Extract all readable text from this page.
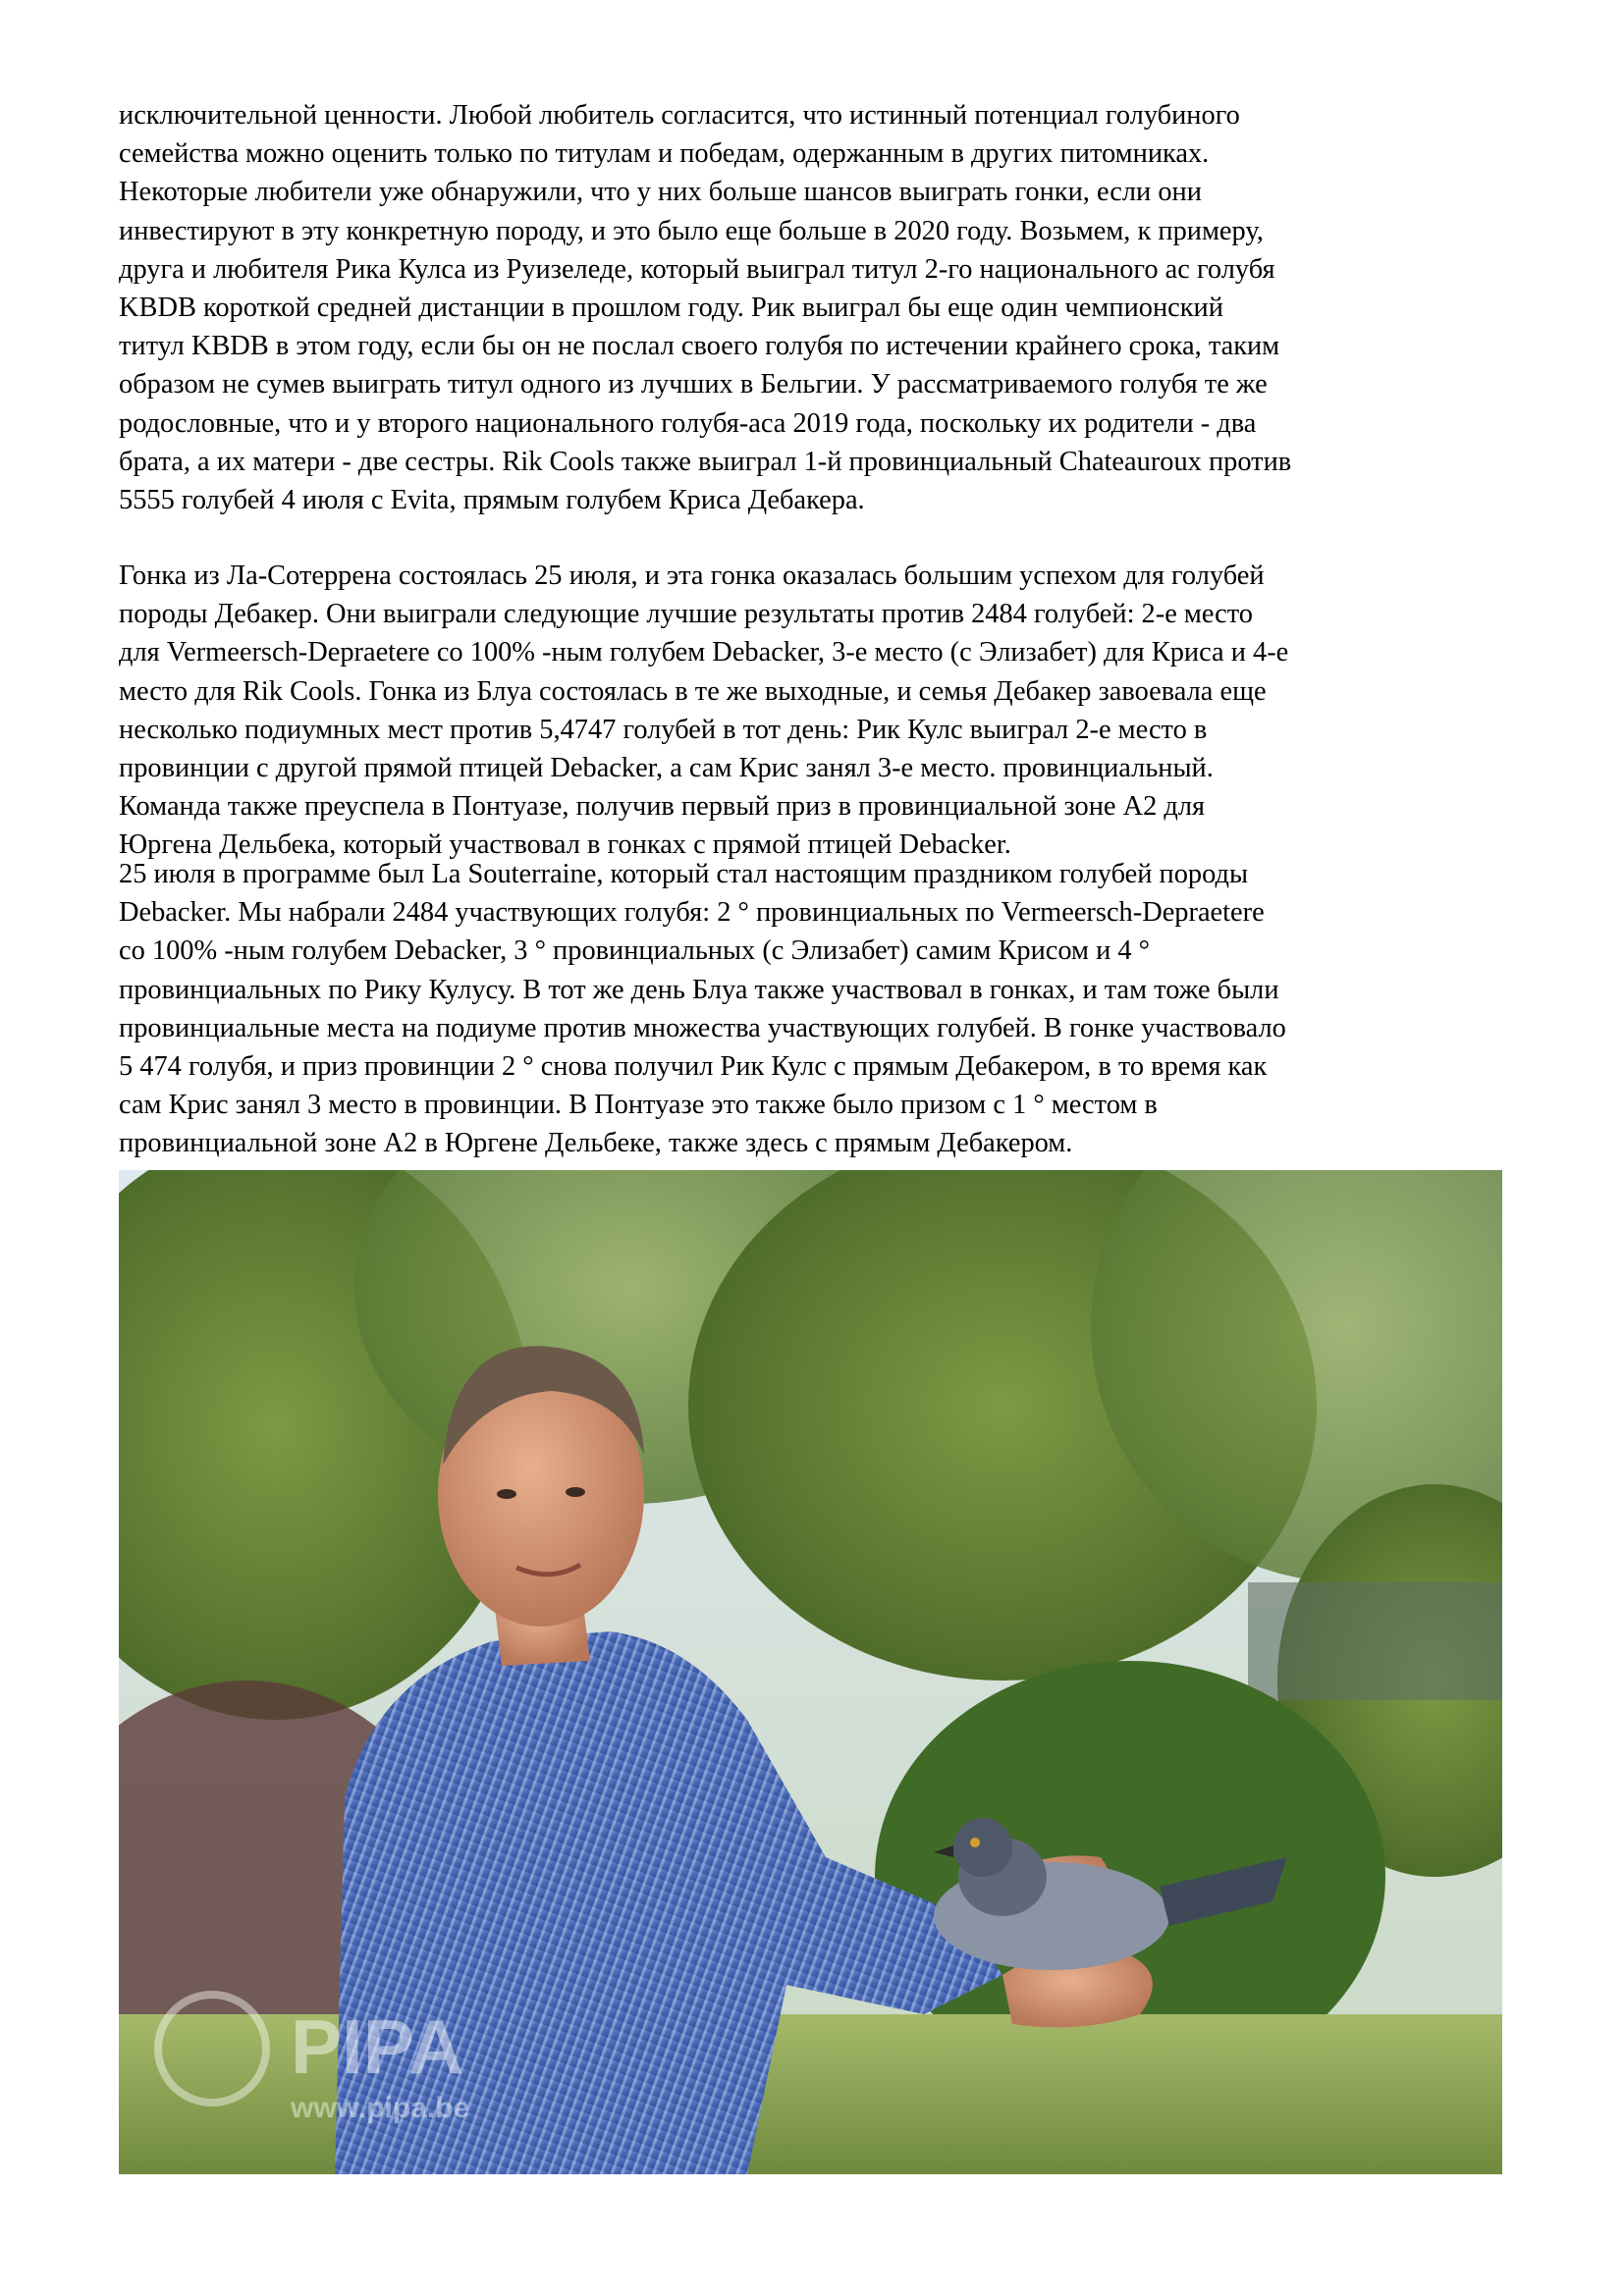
исключительной ценности. Любой любитель согласится, что истинный потенциал голубиного
семейства можно оценить только по титулам и победам, одержанным в других питомниках.
Некоторые любители уже обнаружили, что у них больше шансов выиграть гонки, если они
инвестируют в эту конкретную породу, и это было еще больше в 2020 году. Возьмем, к примеру,
друга и любителя Рика Кулса из Руизеледе, который выиграл титул 2-го национального ас голубя
KBDB короткой средней дистанции в прошлом году. Рик выиграл бы еще один чемпионский
титул KBDB в этом году, если бы он не послал своего голубя по истечении крайнего срока, таким
образом не сумев выиграть титул одного из лучших в Бельгии. У рассматриваемого голубя те же
родословные, что и у второго национального голубя-аса 2019 года, поскольку их родители - два
брата, а их матери - две сестры. Rik Cools также выиграл 1-й провинциальный Chateauroux против
5555 голубей 4 июля с Evita, прямым голубем Криса Дебакера.

Гонка из Ла-Сотеррена состоялась 25 июля, и эта гонка оказалась большим успехом для голубей
породы Дебакер. Они выиграли следующие лучшие результаты против 2484 голубей: 2-е место
для Vermeersch-Depraetere со 100% -ным голубем Debacker, 3-е место (с Элизабет) для Криса и 4-е
место для Rik Cools. Гонка из Блуа состоялась в те же выходные, и семья Дебакер завоевала еще
несколько подиумных мест против 5,4747 голубей в тот день: Рик Кулс выиграл 2-е место в
провинции с другой прямой птицей Debacker, а сам Крис занял 3-е место. провинциальный.
Команда также преуспела в Понтуазе, получив первый приз в провинциальной зоне А2 для
Юргена Дельбека, который участвовал в гонках с прямой птицей Debacker.

25 июля в программе был La Souterraine, который стал настоящим праздником голубей породы
Debacker. Мы набрали 2484 участвующих голубя: 2 ° провинциальных по Vermeersch-Depraetere
со 100% -ным голубем Debacker, 3 ° провинциальных (с Элизабет) самим Крисом и 4 °
провинциальных по Рику Кулусу. В тот же день Блуа также участвовал в гонках, и там тоже были
провинциальные места на подиуме против множества участвующих голубей. В гонке участвовало
5 474 голубя, и приз провинции 2 ° снова получил Рик Кулс с прямым Дебакером, в то время как
сам Крис занял 3 место в провинции. В Понтуазе это также было призом с 1 ° местом в
провинциальной зоне А2 в Юргене Дельбеке, также здесь с прямым Дебакером.

PIPA
www.pipa.be
